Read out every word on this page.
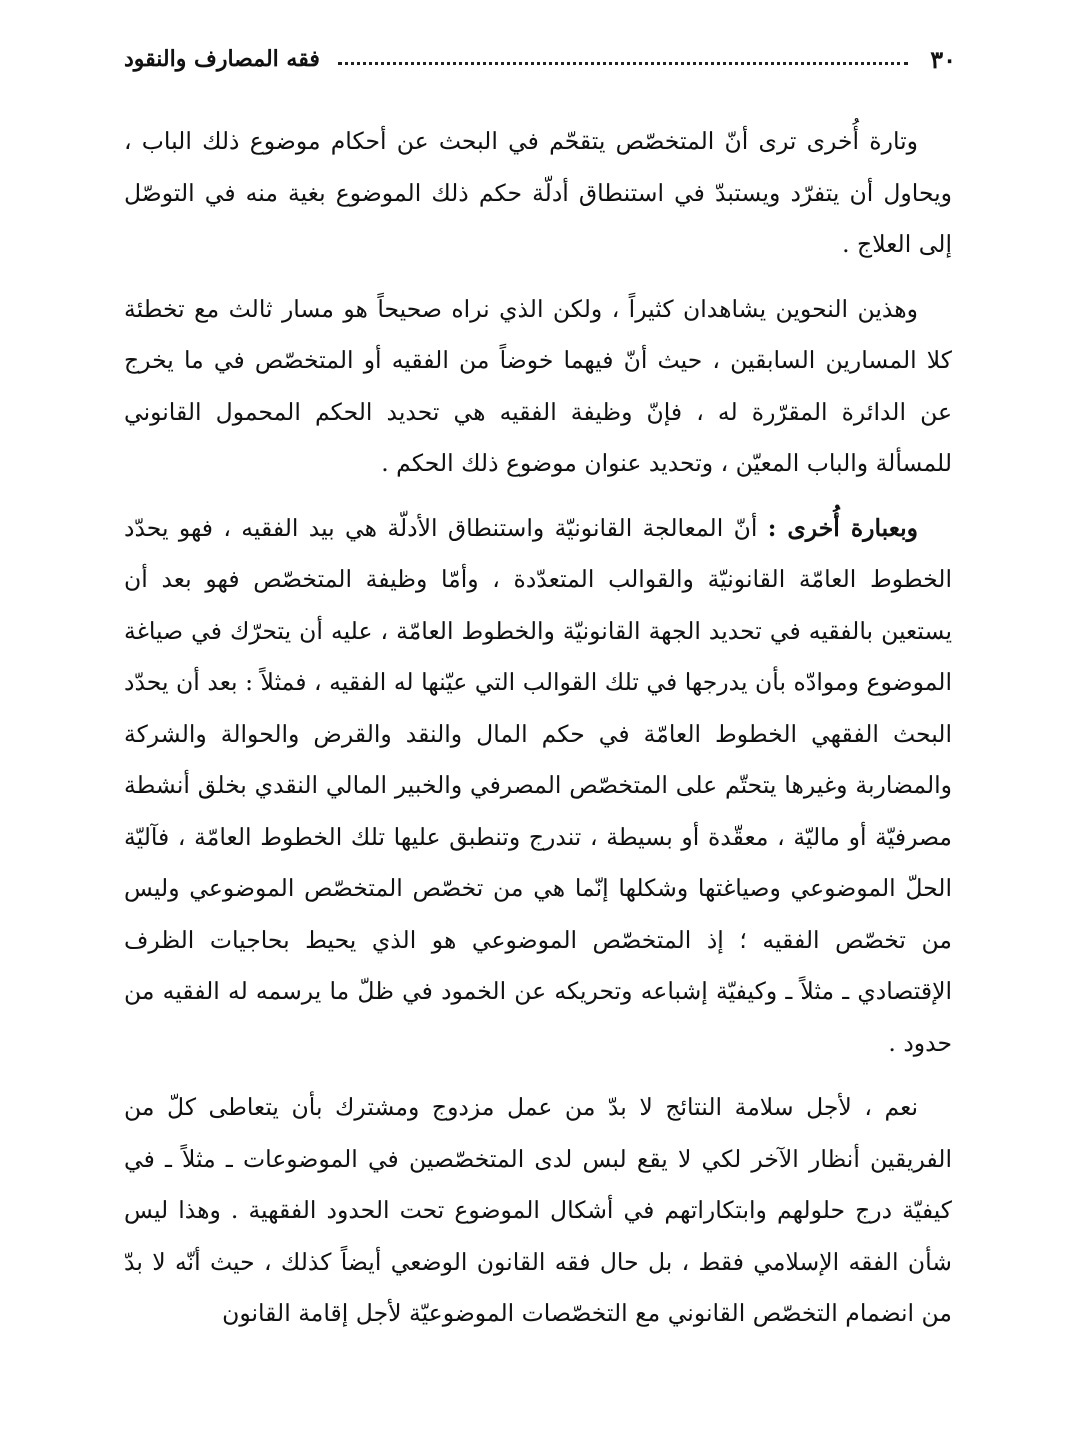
٣٠
فقه المصارف والنقود

وتارة أُخرى ترى أنّ المتخصّص يتقحّم في البحث عن أحكام موضوع ذلك الباب ، ويحاول أن يتفرّد ويستبدّ في استنطاق أدلّة حكم ذلك الموضوع بغية منه في التوصّل إلى العلاج .

وهذين النحوين يشاهدان كثيراً ، ولكن الذي نراه صحيحاً هو مسار ثالث مع تخطئة كلا المسارين السابقين ، حيث أنّ فيهما خوضاً من الفقيه أو المتخصّص في ما يخرج عن الدائرة المقرّرة له ، فإنّ وظيفة الفقيه هي تحديد الحكم المحمول القانوني للمسألة والباب المعيّن ، وتحديد عنوان موضوع ذلك الحكم .

وبعبارة أُخرى : أنّ المعالجة القانونيّة واستنطاق الأدلّة هي بيد الفقيه ، فهو يحدّد الخطوط العامّة القانونيّة والقوالب المتعدّدة ، وأمّا وظيفة المتخصّص فهو بعد أن يستعين بالفقيه في تحديد الجهة القانونيّة والخطوط العامّة ، عليه أن يتحرّك في صياغة الموضوع وموادّه بأن يدرجها في تلك القوالب التي عيّنها له الفقيه ، فمثلاً : بعد أن يحدّد البحث الفقهي الخطوط العامّة في حكم المال والنقد والقرض والحوالة والشركة والمضاربة وغيرها يتحتّم على المتخصّص المصرفي والخبير المالي النقدي بخلق أنشطة مصرفيّة أو ماليّة ، معقّدة أو بسيطة ، تندرج وتنطبق عليها تلك الخطوط العامّة ، فآليّة الحلّ الموضوعي وصياغتها وشكلها إنّما هي من تخصّص المتخصّص الموضوعي وليس من تخصّص الفقيه ؛ إذ المتخصّص الموضوعي هو الذي يحيط بحاجيات الظرف الإقتصادي ـ مثلاً ـ وكيفيّة إشباعه وتحريكه عن الخمود في ظلّ ما يرسمه له الفقيه من حدود .

نعم ، لأجل سلامة النتائج لا بدّ من عمل مزدوج ومشترك بأن يتعاطى كلّ من الفريقين أنظار الآخر لكي لا يقع لبس لدى المتخصّصين في الموضوعات ـ مثلاً ـ في كيفيّة درج حلولهم وابتكاراتهم في أشكال الموضوع تحت الحدود الفقهية . وهذا ليس شأن الفقه الإسلامي فقط ، بل حال فقه القانون الوضعي أيضاً كذلك ، حيث أنّه لا بدّ من انضمام التخصّص القانوني مع التخصّصات الموضوعيّة لأجل إقامة القانون
